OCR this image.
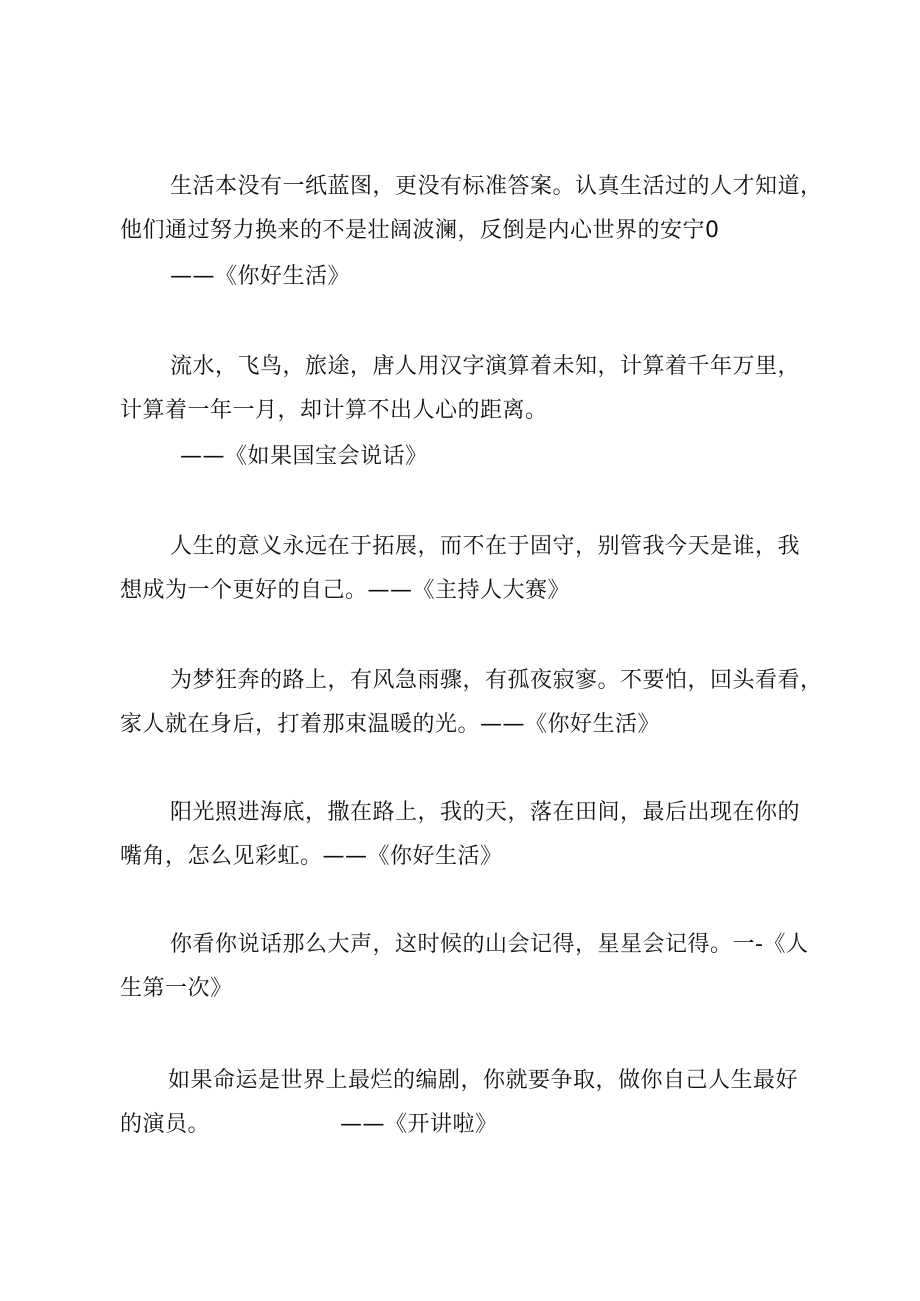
生活本没有一纸蓝图，更没有标准答案。认真生活过的人才知道，
他们通过努力换来的不是壮阔波澜，反倒是内心世界的安宁0
——《你好生活》
流水，飞鸟，旅途，唐人用汉字演算着未知，计算着千年万里，
计算着一年一月，却计算不出人心的距离。
——《如果国宝会说话》
人生的意义永远在于拓展，而不在于固守，别管我今天是谁，我
想成为一个更好的自己。——《主持人大赛》
为梦狂奔的路上，有风急雨骤，有孤夜寂寥。不要怕，回头看看，
家人就在身后，打着那束温暖的光。——《你好生活》
阳光照进海底，撒在路上，我的天，落在田间，最后出现在你的
嘴角，怎么见彩虹。——《你好生活》
你看你说话那么大声，这时候的山会记得，星星会记得。一-《人
生第一次》
如果命运是世界上最烂的编剧，你就要争取，做你自己人生最好
的演员。	——《开讲啦》
